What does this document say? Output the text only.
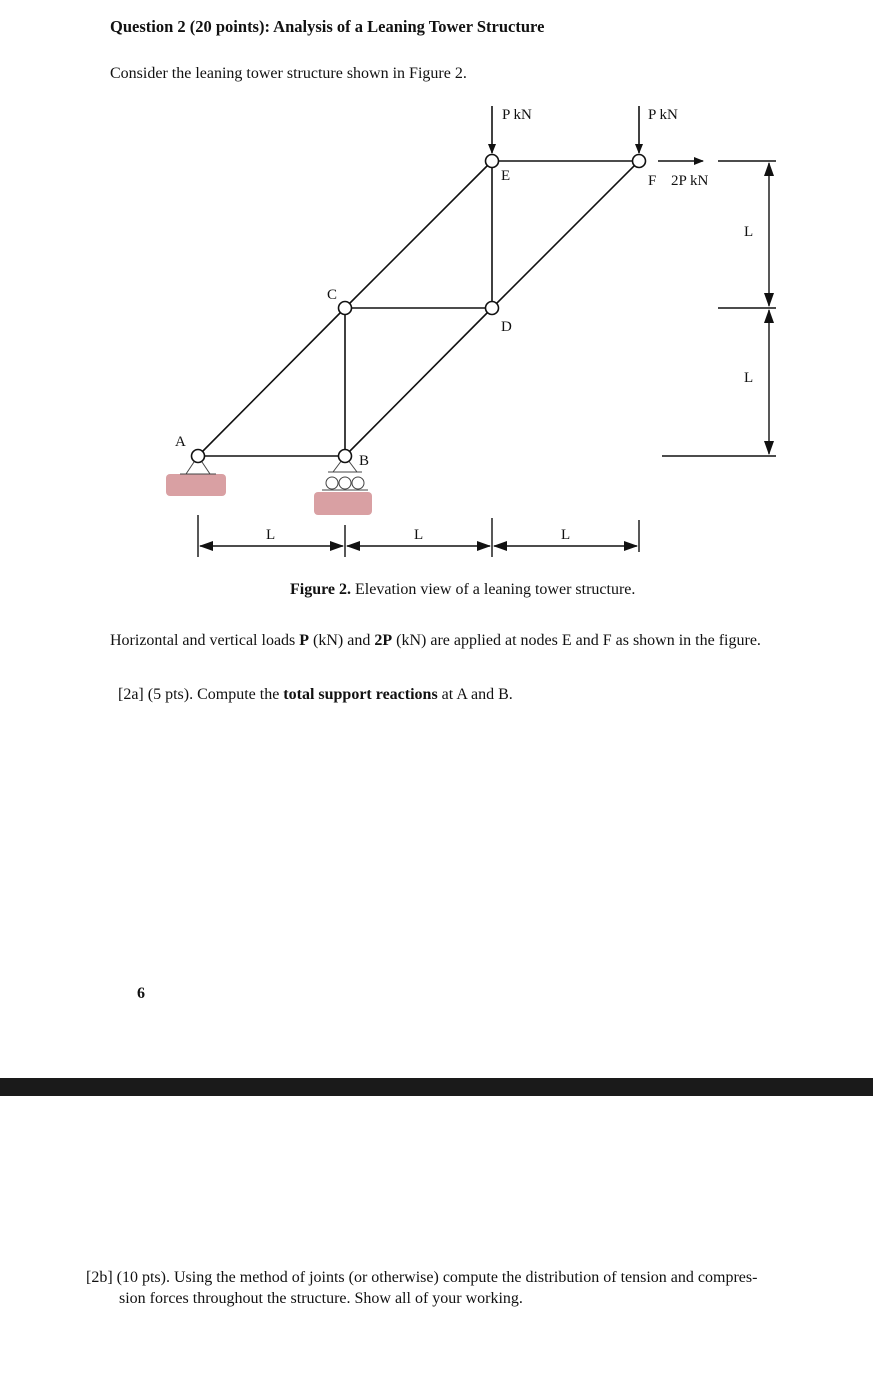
Question 2 (20 points): Analysis of a Leaning Tower Structure
Consider the leaning tower structure shown in Figure 2.
A
B
C
D
E	F
P kN	P kN
2P kN
L
L
L	L	L
Figure 2. Elevation view of a leaning tower structure.
Horizontal and vertical loads P (kN) and 2P (kN) are applied at nodes E and F as shown in the figure.
[2a] (5 pts). Compute the total support reactions at A and B.
6
[2b] (10 pts). Using the method of joints (or otherwise) compute the distribution of tension and compres-
sion forces throughout the structure. Show all of your working.
